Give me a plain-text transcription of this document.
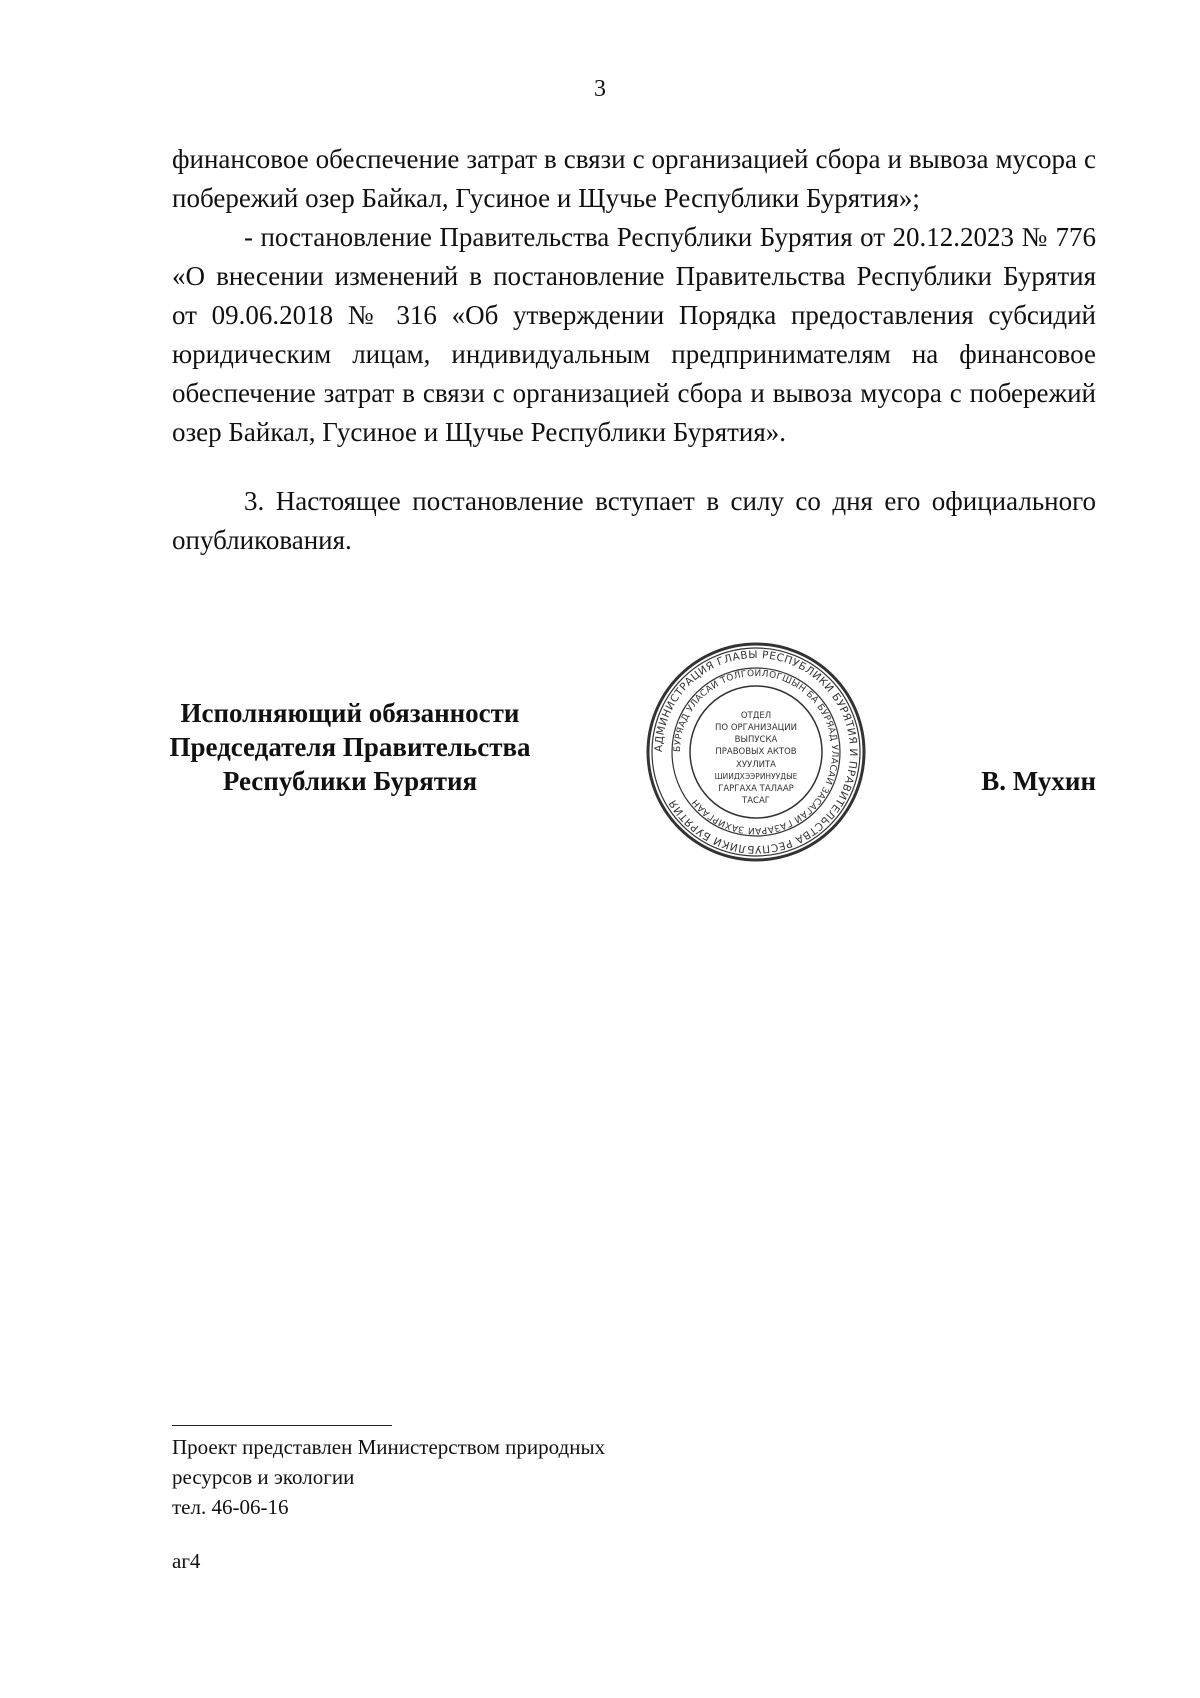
3

финансовое обеспечение затрат в связи с организацией сбора и вывоза мусора с побережий озер Байкал, Гусиное и Щучье Республики Бурятия»;

- постановление Правительства Республики Бурятия от 20.12.2023 № 776 «О внесении изменений в постановление Правительства Республики Бурятия от 09.06.2018 № 316 «Об утверждении Порядка предоставления субсидий юридическим лицам, индивидуальным предпринимателям на финансовое обеспечение затрат в связи с организацией сбора и вывоза мусора с побережий озер Байкал, Гусиное и Щучье Республики Бурятия».

3. Настоящее постановление вступает в силу со дня его официального опубликования.

Исполняющий обязанности
Председателя Правительства
Республики Бурятия
АДМИНИСТРАЦИЯ ГЛАВЫ РЕСПУБЛИКИ БУРЯТИЯ И ПРАВИТЕЛЬСТВА РЕСПУБЛИКИ БУРЯТИЯ
БУРЯАД УЛАСАЙ ТОЛГОЙЛОГШЫН БА БУРЯАД УЛАСАЙ ЗАСАГАЙ ГАЗАРАЙ ЗАХИРГААН
ОТДЕЛ
ПО ОРГАНИЗАЦИИ
ВЫПУСКА
ПРАВОВЫХ АКТОВ
ХУУЛИТА
ШИИДХЭЭРИНУУДЫЕ
ГАРГАХА ТАЛААР
ТАСАГ
В. Мухин
Проект представлен Министерством природных
ресурсов и экологии
тел. 46-06-16
аг4
